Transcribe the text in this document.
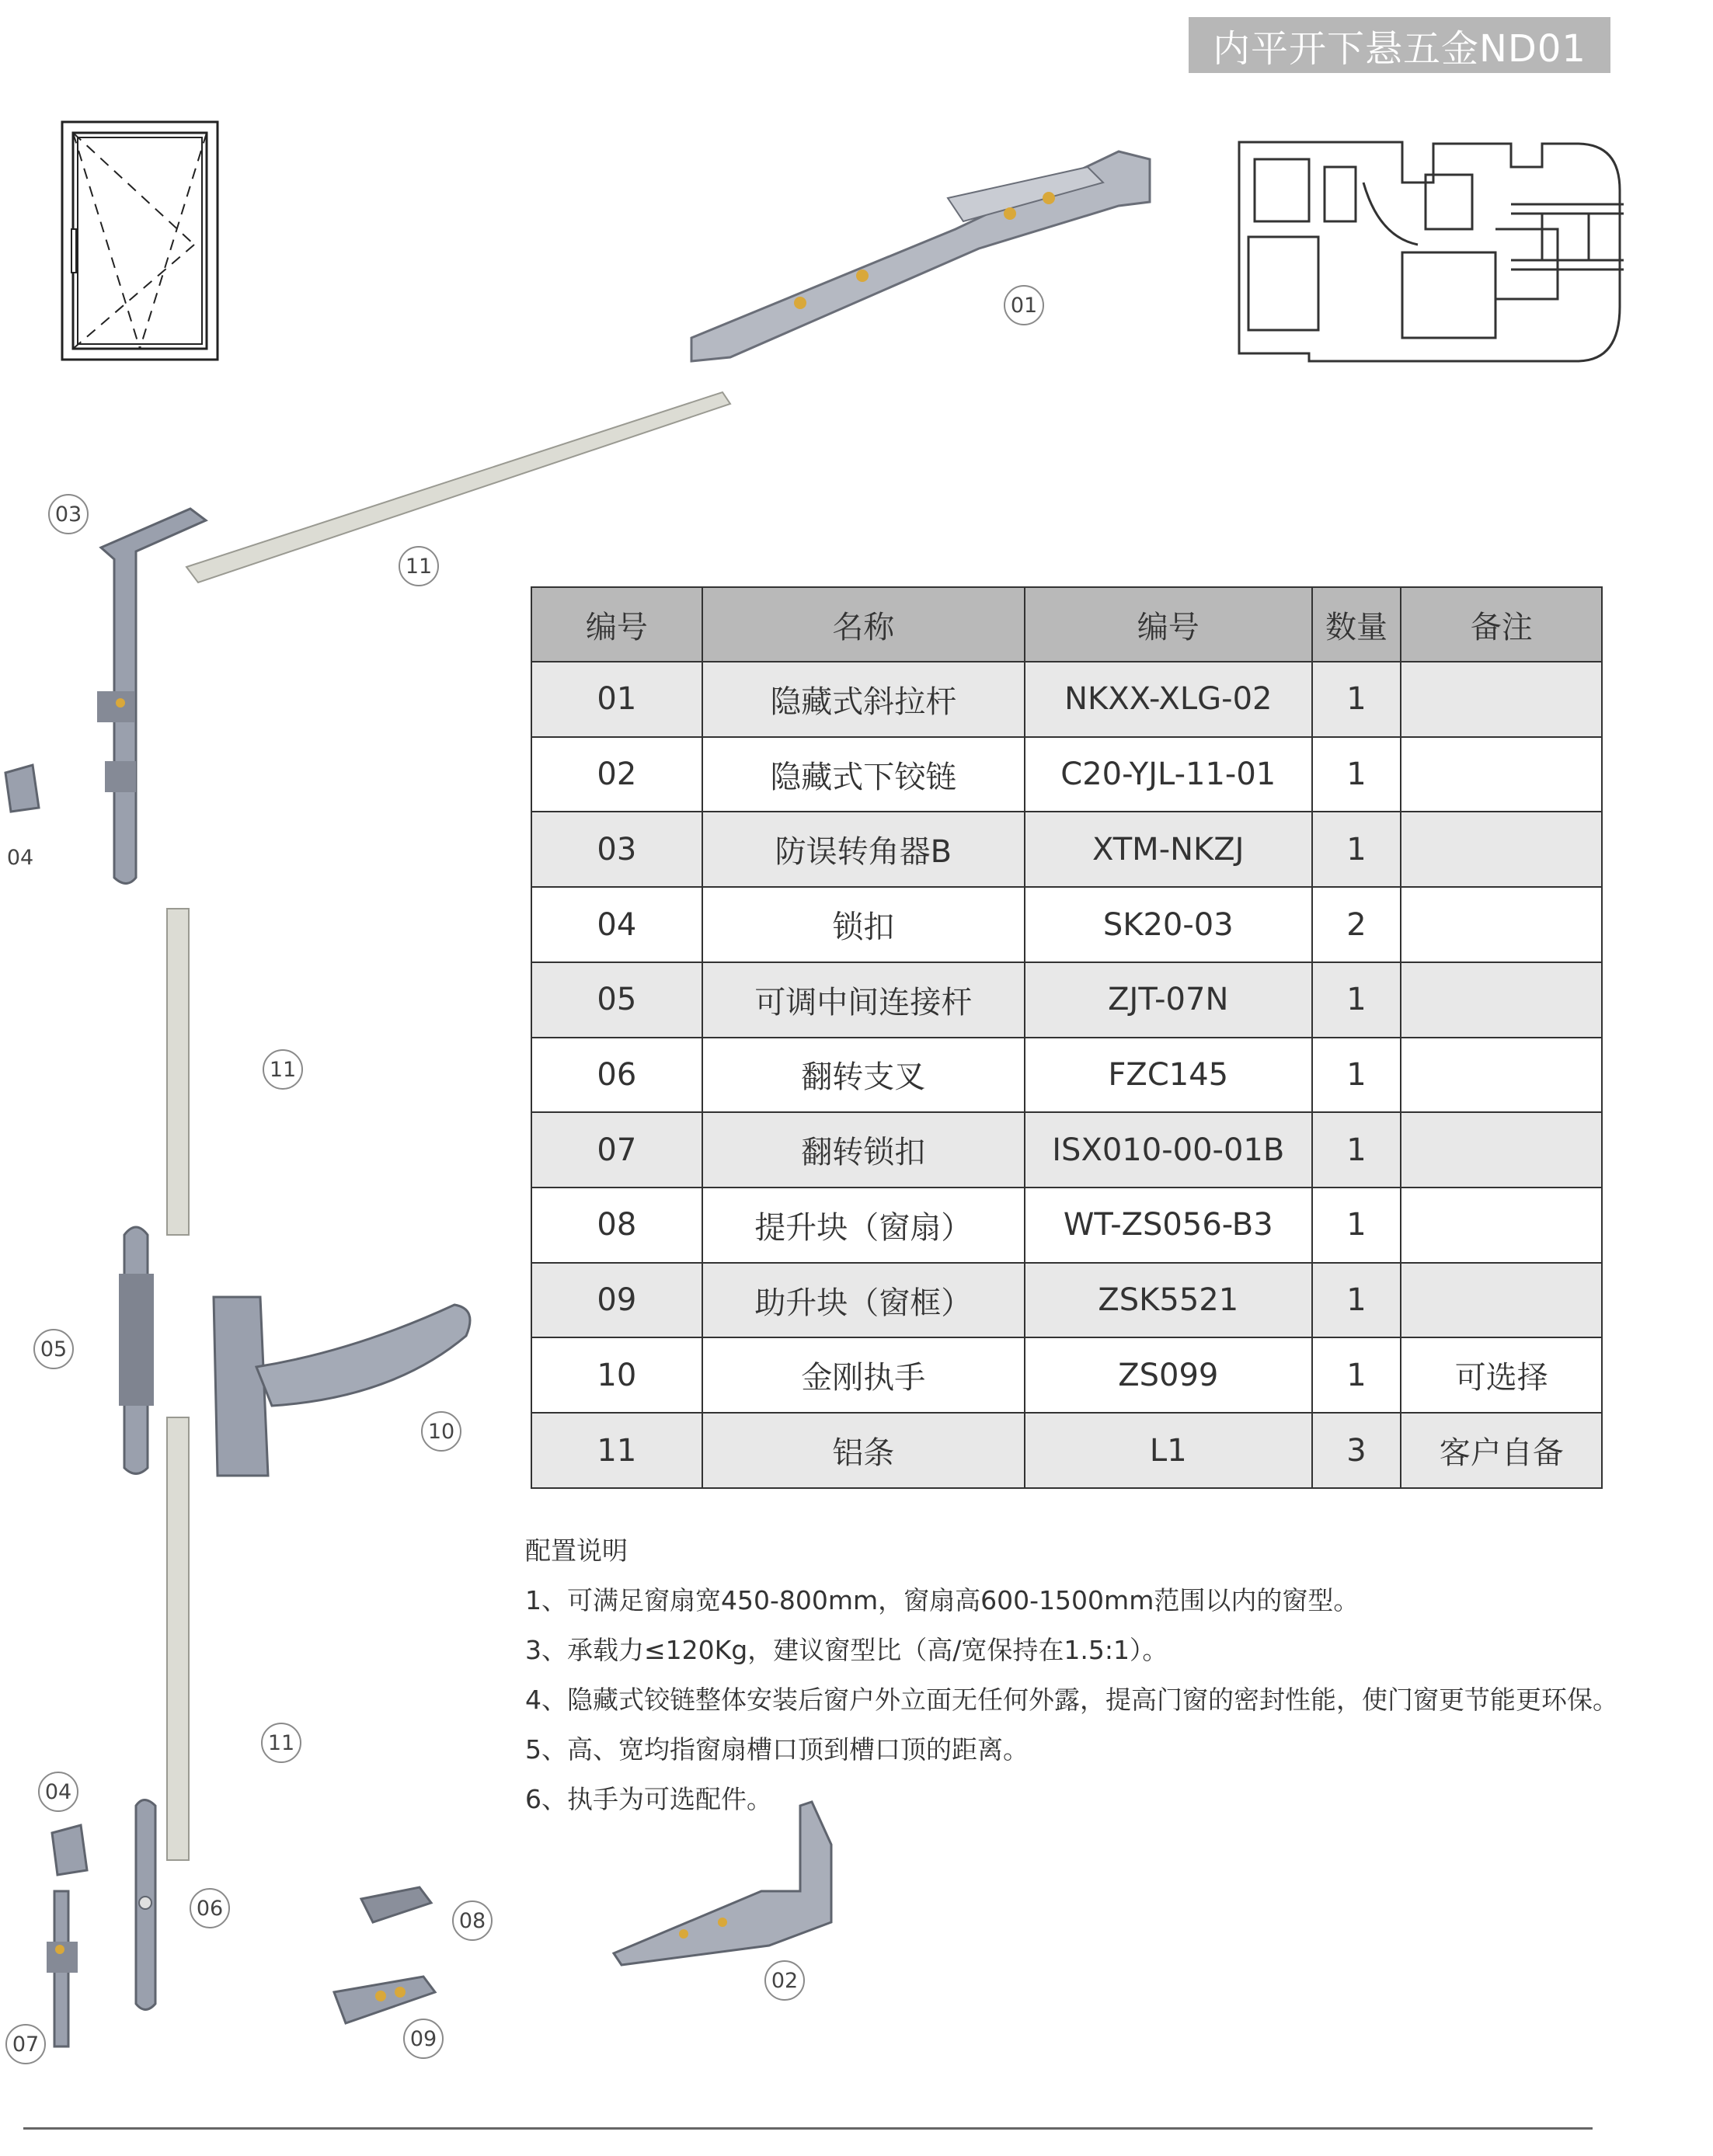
内平开下悬五金ND01
01
03
11
04
11
05
10
11
04
06
08
02
09
07
编号	名称	编号	数量	备注
01	隐藏式斜拉杆	NKXX-XLG-02	1	
02	隐藏式下铰链	C20-YJL-11-01	1	
03	防误转角器B	XTM-NKZJ	1	
04	锁扣	SK20-03	2	
05	可调中间连接杆	ZJT-07N	1	
06	翻转支叉	FZC145	1	
07	翻转锁扣	ISX010-00-01B	1	
08	提升块（窗扇）	WT-ZS056-B3	1	
09	助升块（窗框）	ZSK5521	1	
10	金刚执手	ZS099	1	可选择
11	铝条	L1	3	客户自备
配置说明
1、可满足窗扇宽450-800mm，窗扇高600-1500mm范围以内的窗型。
3、承载力≤120Kg，建议窗型比（高/宽保持在1.5:1）。
4、隐藏式铰链整体安装后窗户外立面无任何外露，提高门窗的密封性能，使门窗更节能更环保。
5、高、宽均指窗扇槽口顶到槽口顶的距离。
6、执手为可选配件。
